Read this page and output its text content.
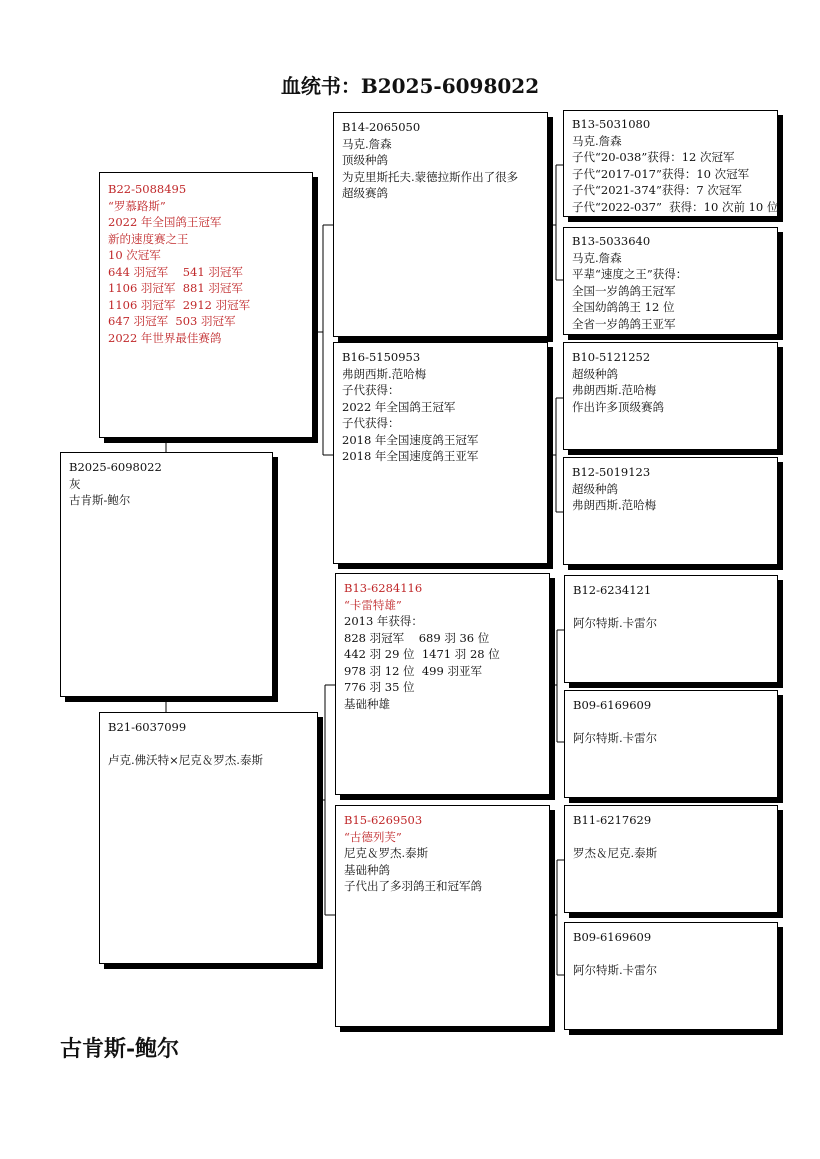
血统书：B2025-6098022
B2025-6098022
灰
古肯斯-鲍尔
B22-5088495
“罗慕路斯”
2022 年全国鸽王冠军
新的速度赛之王
10 次冠军
644 羽冠军    541 羽冠军
1106 羽冠军  881 羽冠军
1106 羽冠军  2912 羽冠军
647 羽冠军  503 羽冠军
2022 年世界最佳赛鸽
B21-6037099

卢克.佛沃特×尼克＆罗杰.泰斯
B14-2065050
马克.詹森
顶级种鸽
为克里斯托夫.蒙德拉斯作出了很多
超级赛鸽
B16-5150953
弗朗西斯.范哈梅
子代获得：
2022 年全国鸽王冠军
子代获得：
2018 年全国速度鸽王冠军
2018 年全国速度鸽王亚军
B13-6284116
“卡雷特雄”
2013 年获得：
828 羽冠军    689 羽 36 位
442 羽 29 位  1471 羽 28 位
978 羽 12 位  499 羽亚军
776 羽 35 位
基础种雄
B15-6269503
“古德列芙”
尼克＆罗杰.泰斯
基础种鸽
子代出了多羽鸽王和冠军鸽
B13-5031080
马克.詹森
子代“20-038”获得：12 次冠军
子代“2017-017”获得：10 次冠军
子代“2021-374”获得：7 次冠军
子代“2022-037”  获得：10 次前 10 位
B13-5033640
马克.詹森
平辈“速度之王”获得：
全国一岁鸽鸽王冠军
全国幼鸽鸽王 12 位
全省一岁鸽鸽王亚军
B10-5121252
超级种鸽
弗朗西斯.范哈梅
作出许多顶级赛鸽
B12-5019123
超级种鸽
弗朗西斯.范哈梅
B12-6234121

阿尔特斯.卡雷尔
B09-6169609

阿尔特斯.卡雷尔
B11-6217629

罗杰＆尼克.泰斯
B09-6169609

阿尔特斯.卡雷尔
古肯斯-鲍尔
